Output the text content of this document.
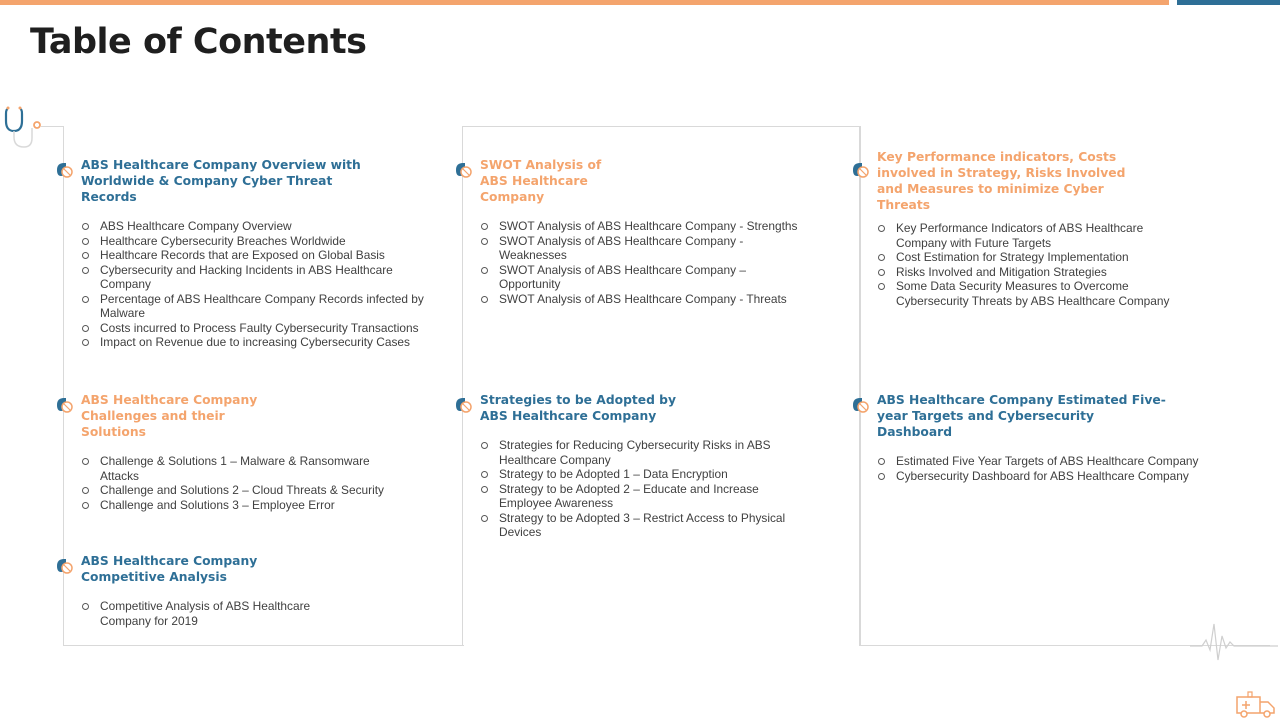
Table of Contents
ABS Healthcare Company Overview with Worldwide & Company Cyber Threat Records
ABS Healthcare Company Overview
Healthcare Cybersecurity Breaches Worldwide
Healthcare Records that are Exposed on Global Basis
Cybersecurity and Hacking Incidents in ABS Healthcare Company
Percentage of ABS Healthcare Company Records infected by Malware
Costs incurred to Process Faulty Cybersecurity Transactions
Impact on Revenue due to increasing Cybersecurity Cases
SWOT Analysis of ABS Healthcare Company
SWOT Analysis of ABS Healthcare Company - Strengths
SWOT Analysis of ABS Healthcare Company - Weaknesses
SWOT Analysis of ABS Healthcare Company – Opportunity
SWOT Analysis of ABS Healthcare Company - Threats
Key Performance indicators, Costs involved in Strategy, Risks Involved and Measures to minimize Cyber Threats
Key Performance Indicators of ABS Healthcare Company with Future Targets
Cost Estimation for Strategy Implementation
Risks Involved and Mitigation Strategies
Some Data Security Measures to Overcome Cybersecurity Threats by ABS Healthcare Company
ABS Healthcare Company Challenges and their Solutions
Challenge & Solutions 1 – Malware & Ransomware Attacks
Challenge and Solutions 2 – Cloud Threats & Security
Challenge and Solutions 3 – Employee Error
Strategies to be Adopted by ABS Healthcare Company
Strategies for Reducing Cybersecurity Risks in ABS Healthcare Company
Strategy to be Adopted 1 – Data Encryption
Strategy to be Adopted 2 – Educate and Increase Employee Awareness
Strategy to be Adopted 3 – Restrict Access to Physical Devices
ABS Healthcare Company Estimated Five-year Targets and Cybersecurity Dashboard
Estimated Five Year Targets of ABS Healthcare Company
Cybersecurity Dashboard for ABS Healthcare Company
ABS Healthcare Company Competitive Analysis
Competitive Analysis of ABS Healthcare Company for 2019
